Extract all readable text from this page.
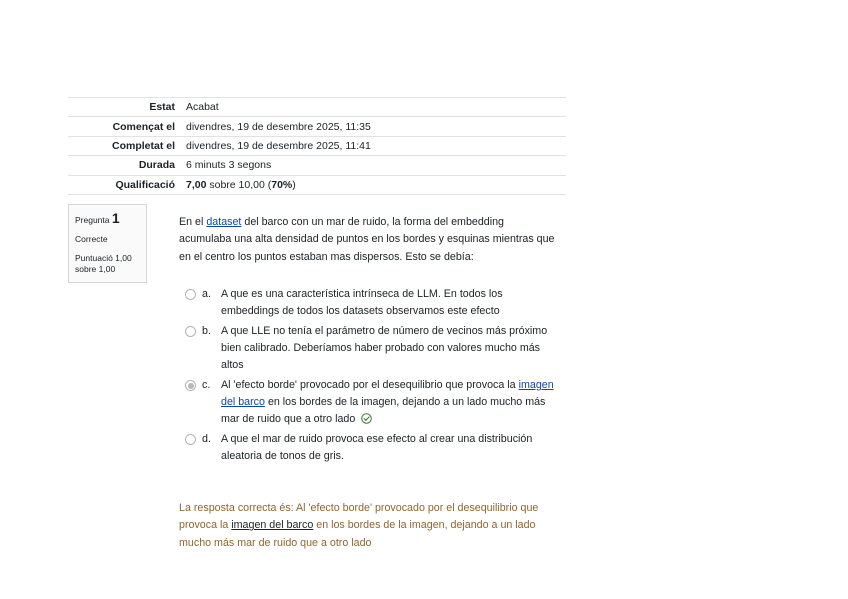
Estat	Acabat
Començat el	divendres, 19 de desembre 2025, 11:35
Completat el	divendres, 19 de desembre 2025, 11:41
Durada	6 minuts 3 segons
Qualificació	7,00 sobre 10,00 (70%)
Pregunta 1
Correcte
Puntuació 1,00 sobre 1,00
En el dataset del barco con un mar de ruido, la forma del embedding acumulaba una alta densidad de puntos en los bordes y esquinas mientras que en el centro los puntos estaban mas dispersos. Esto se debía:
a. A que es una característica intrínseca de LLM. En todos los embeddings de todos los datasets observamos este efecto
b. A que LLE no tenía el parámetro de número de vecinos más próximo bien calibrado. Deberíamos haber probado con valores mucho más altos
c. Al 'efecto borde' provocado por el desequilibrio que provoca la imagen del barco en los bordes de la imagen, dejando a un lado mucho más mar de ruido que a otro lado
d. A que el mar de ruido provoca ese efecto al crear una distribución aleatoria de tonos de gris.
La resposta correcta és: Al 'efecto borde' provocado por el desequilibrio que provoca la imagen del barco en los bordes de la imagen, dejando a un lado mucho más mar de ruido que a otro lado
